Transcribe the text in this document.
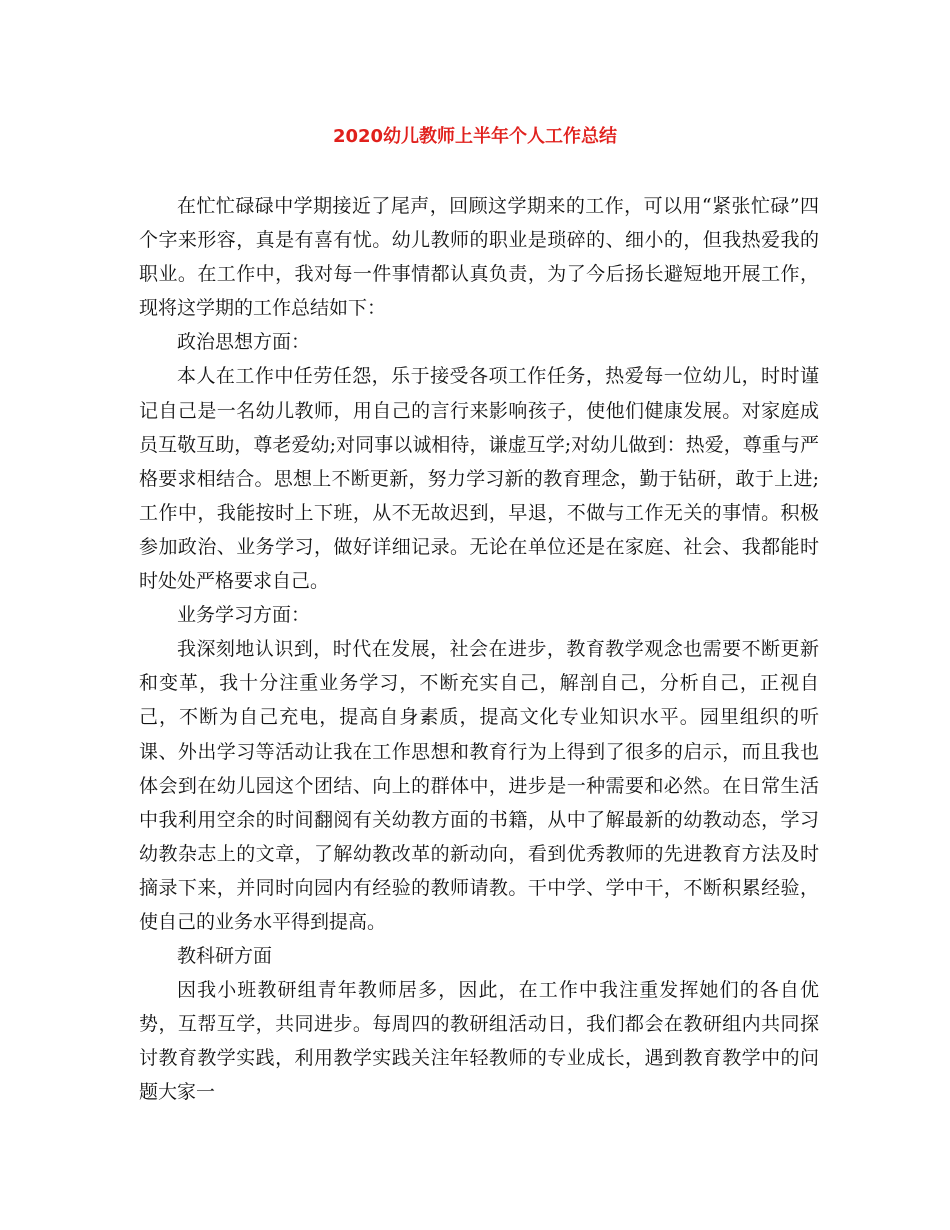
2020幼儿教师上半年个人工作总结

在忙忙碌碌中学期接近了尾声，回顾这学期来的工作，可以用“紧张忙碌”四个字来形容，真是有喜有忧。幼儿教师的职业是琐碎的、细小的，但我热爱我的职业。在工作中，我对每一件事情都认真负责，为了今后扬长避短地开展工作，现将这学期的工作总结如下：

政治思想方面：

本人在工作中任劳任怨，乐于接受各项工作任务，热爱每一位幼儿，时时谨记自己是一名幼儿教师，用自己的言行来影响孩子，使他们健康发展。对家庭成员互敬互助，尊老爱幼;对同事以诚相待，谦虚互学;对幼儿做到：热爱，尊重与严格要求相结合。思想上不断更新，努力学习新的教育理念，勤于钻研，敢于上进;工作中，我能按时上下班，从不无故迟到，早退，不做与工作无关的事情。积极参加政治、业务学习，做好详细记录。无论在单位还是在家庭、社会、我都能时时处处严格要求自己。

业务学习方面：

我深刻地认识到，时代在发展，社会在进步，教育教学观念也需要不断更新和变革，我十分注重业务学习，不断充实自己，解剖自己，分析自己，正视自己，不断为自己充电，提高自身素质，提高文化专业知识水平。园里组织的听课、外出学习等活动让我在工作思想和教育行为上得到了很多的启示，而且我也体会到在幼儿园这个团结、向上的群体中，进步是一种需要和必然。在日常生活中我利用空余的时间翻阅有关幼教方面的书籍，从中了解最新的幼教动态，学习幼教杂志上的文章，了解幼教改革的新动向，看到优秀教师的先进教育方法及时摘录下来，并同时向园内有经验的教师请教。干中学、学中干，不断积累经验，使自己的业务水平得到提高。

教科研方面

因我小班教研组青年教师居多，因此，在工作中我注重发挥她们的各自优势，互帮互学，共同进步。每周四的教研组活动日，我们都会在教研组内共同探讨教育教学实践，利用教学实践关注年轻教师的专业成长，遇到教育教学中的问题大家一
